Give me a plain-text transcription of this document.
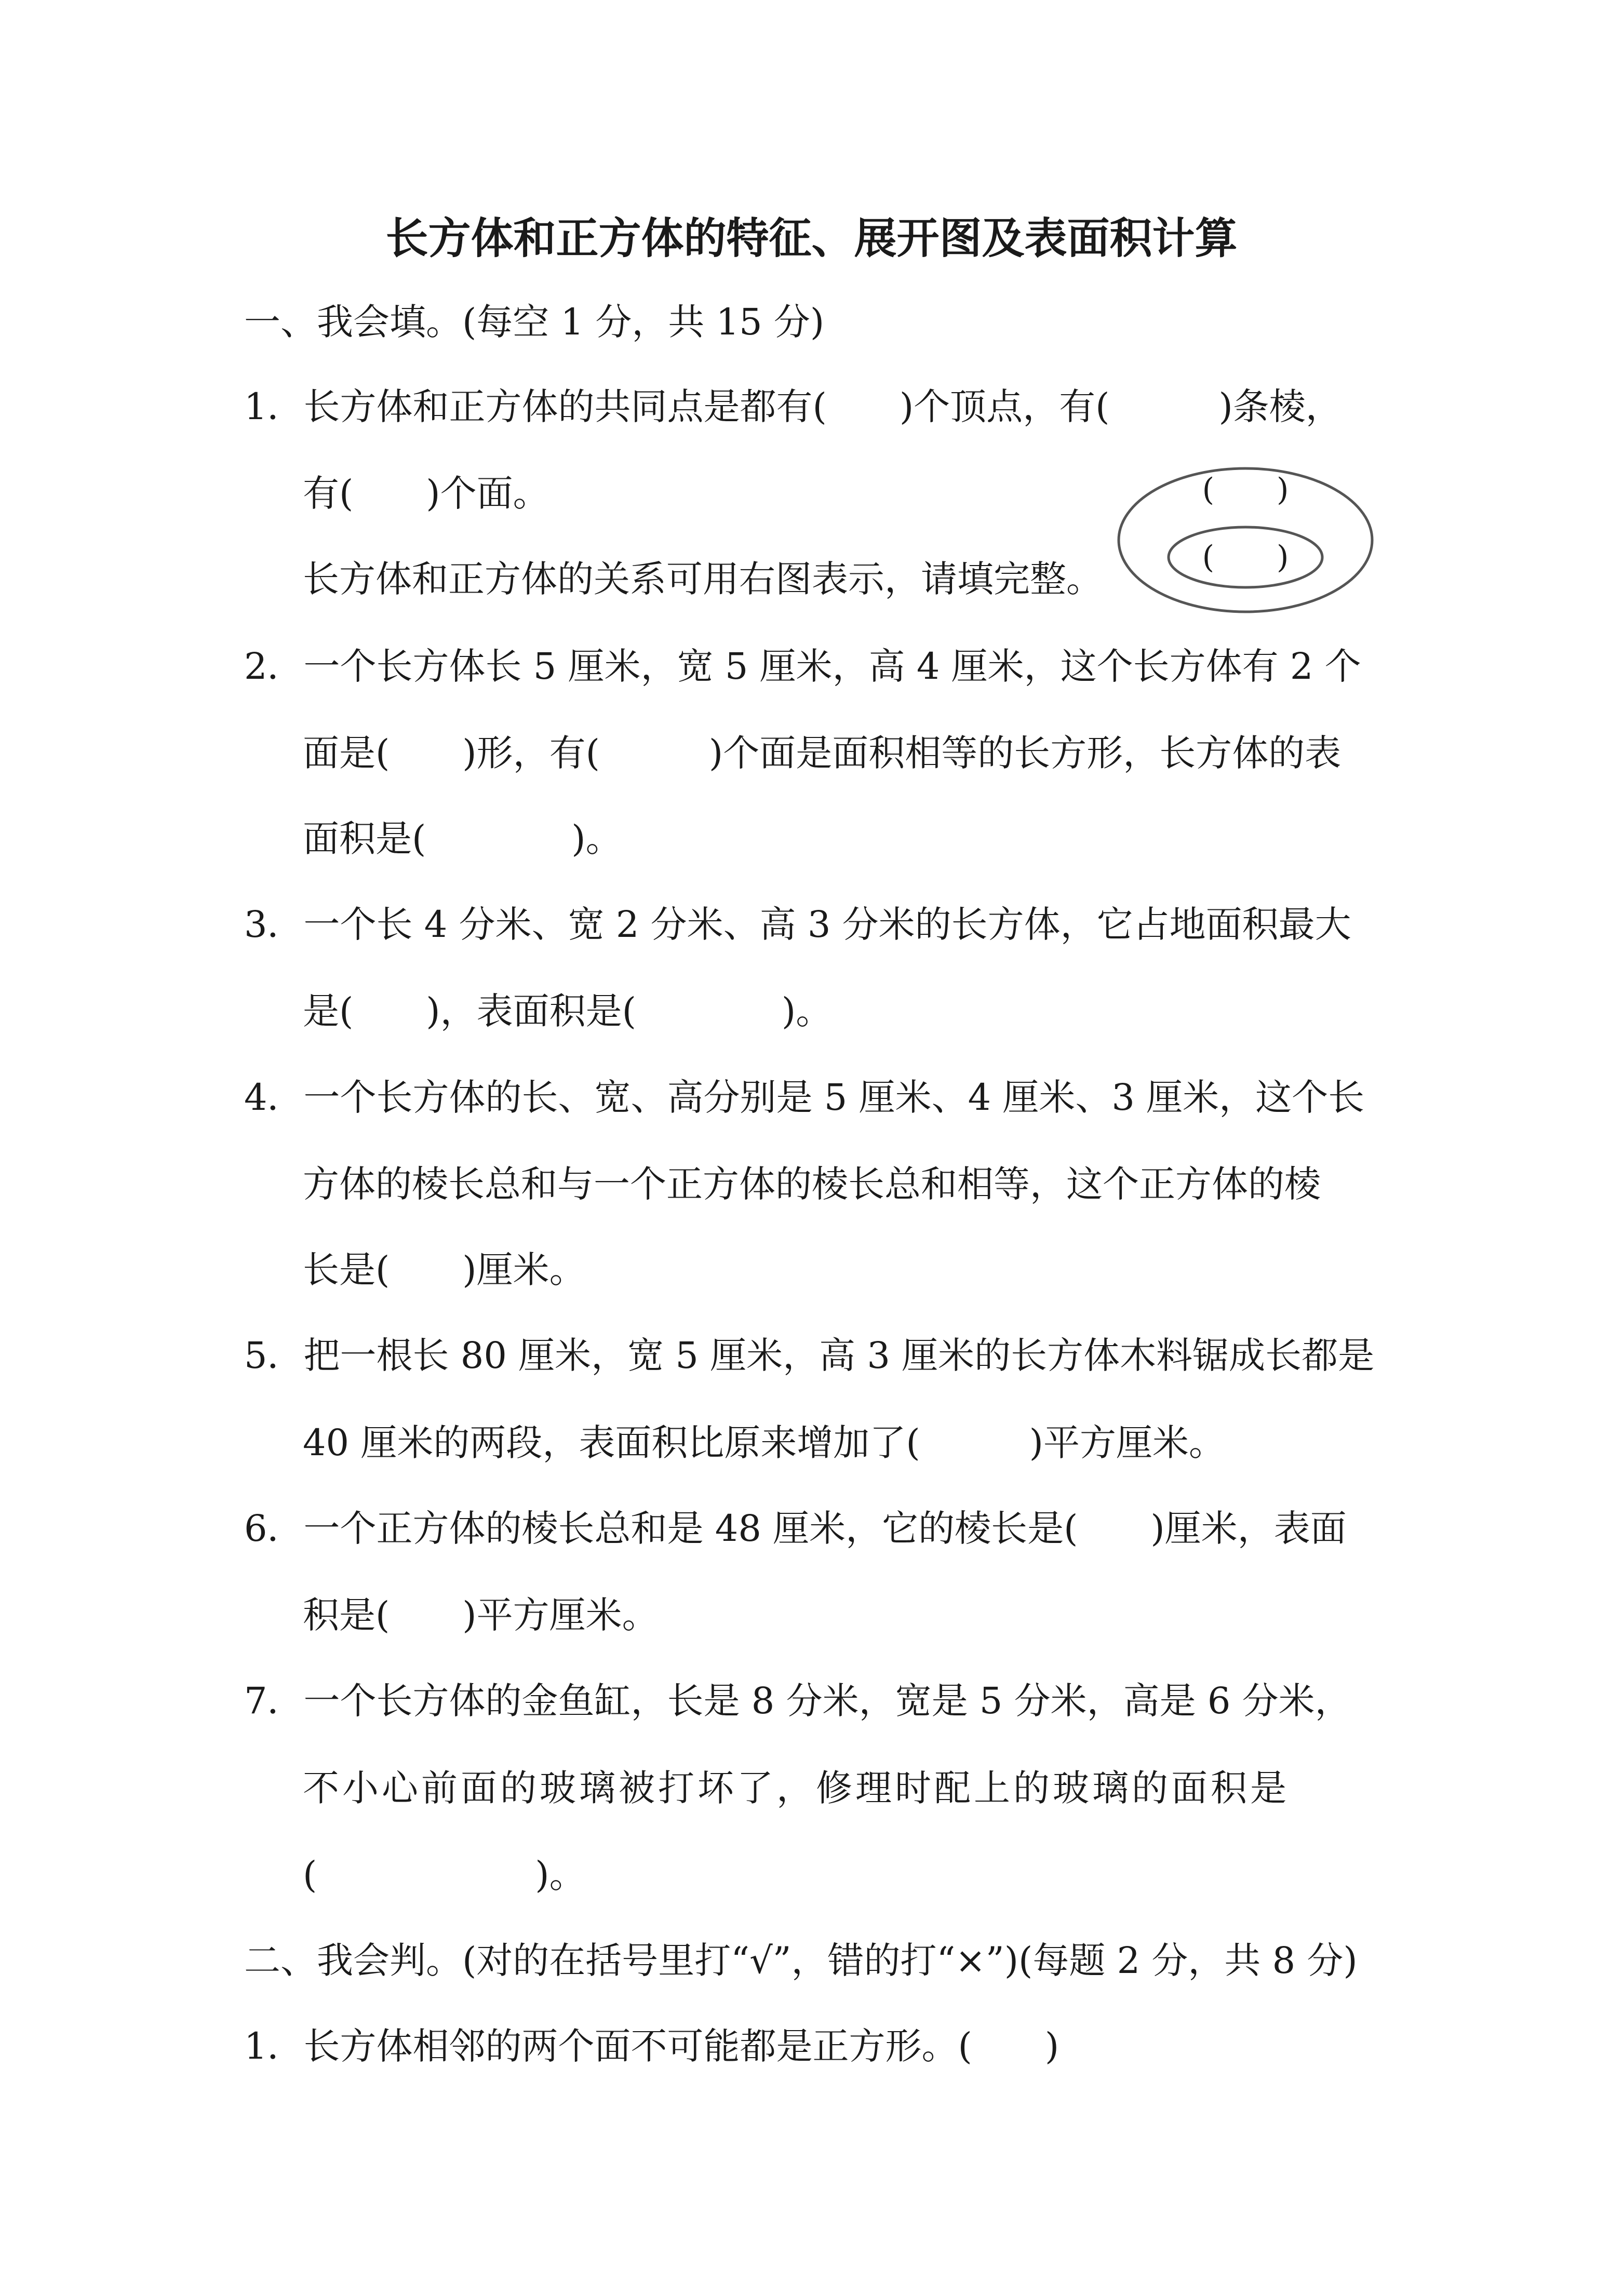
长方体和正方体的特征、展开图及表面积计算
一、我会填。(每空 1 分，共 15 分)
1．长方体和正方体的共同点是都有(　　)个顶点，有(　　　)条棱，
有(　　)个面。
长方体和正方体的关系可用右图表示，请填完整。
(　　)
(　　)
2．一个长方体长 5 厘米，宽 5 厘米，高 4 厘米，这个长方体有 2 个
面是(　　)形，有(　　　)个面是面积相等的长方形，长方体的表
面积是(　　　　)。
3．一个长 4 分米、宽 2 分米、高 3 分米的长方体，它占地面积最大
是(　　)，表面积是(　　　　)。
4．一个长方体的长、宽、高分别是 5 厘米、4 厘米、3 厘米，这个长
方体的棱长总和与一个正方体的棱长总和相等，这个正方体的棱
长是(　　)厘米。
5．把一根长 80 厘米，宽 5 厘米，高 3 厘米的长方体木料锯成长都是
40 厘米的两段，表面积比原来增加了(　　　)平方厘米。
6．一个正方体的棱长总和是 48 厘米，它的棱长是(　　)厘米，表面
积是(　　)平方厘米。
7．一个长方体的金鱼缸，长是 8 分米，宽是 5 分米，高是 6 分米，
不小心前面的玻璃被打坏了，修理时配上的玻璃的面积是
(　　　　　　)。
二、我会判。(对的在括号里打“√”，错的打“×”)(每题 2 分，共 8 分)
1．长方体相邻的两个面不可能都是正方形。(　　)
